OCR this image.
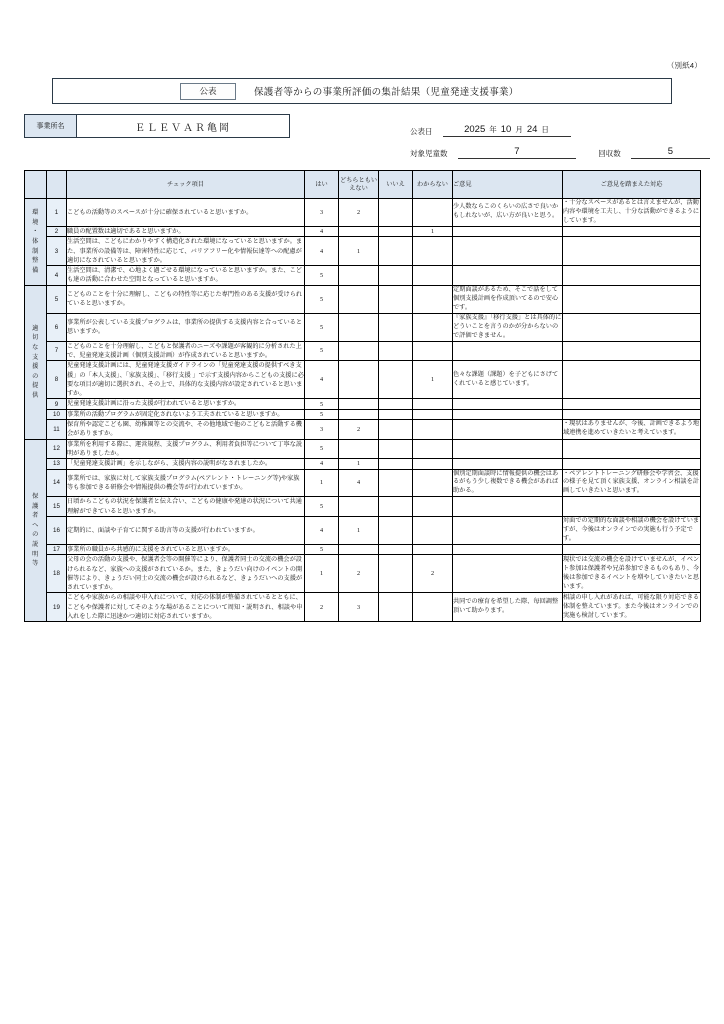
（別紙4）
公表	保護者等からの事業所評価の集計結果（児童発達支援事業）
事業所名	ＥＬＥＶＡＲ亀岡	公表日	2025 年 10 月 24 日
対象児童数	7	回収数	5
		チェック項目	はい	どちらともいえない	いいえ	わからない	ご意見	ご意見を踏まえた対応

環
境
・
体
制
整
備
	1	こどもの活動等のスペースが十分に確保されていると思いますか。	3	2			少人数ならこのくらいの広さで良いかもしれないが、広い方が良いと思う。	・十分なスペースがあるとは言えませんが、活動内容や環境を工夫し、十分な活動ができるようにしています。
	2	職員の配置数は適切であると思いますか。	4			1		
	3	生活空間は、こどもにわかりやすく構造化された環境になっていると思いますか。また、事業所の設備等は、障害特性に応じて、バリアフリー化や情報伝達等への配慮が適切になされていると思いますか。	4	1				
	4	生活空間は、清潔で、心地よく過ごせる環境になっていると思いますか。また、こども達の活動に合わせた空間となっていると思いますか。	5					

適
切
な
支
援
の
提
供
	5	こどものことを十分に理解し、こどもの特性等に応じた専門性のある支援が受けられていると思いますか。	5				定期面談があるため、そこで話をして個別支援計画を作成頂いてるので安心です。	
	6	事業所が公表している支援プログラムは、事業所の提供する支援内容と合っていると思いますか。	5				『家族支援』「移行支援」とは具体的にどういことを言うのかが分からないので評価できません。	
	7	こどものことを十分理解し、こどもと保護者のニーズや課題が客観的に分析された上で、児童発達支援計画（個別支援計画）が作成されていると思いますか。	5					
	8	児童発達支援計画には、児童発達支援ガイドラインの「児童発達支援の提供すべき支援」の「本人支援」、「家族支援」、「移行支援 」で示す支援内容からこどもの支援に必要な項目が適切に選択され、その上で、具体的な支援内容が設定されていると思いますか。	4			1	色々な課題（課題）を子どもにさげてくれていると感じています。	
	9	児童発達支援計画に沿った支援が行われていると思いますか。	5					
	10	事業所の活動プログラムが固定化されないよう工夫されていると思いますか。	5					
	11	保育所や認定こども園、幼稚園等との交流や、その他地域で他のこどもと活動する機会がありますか。	3	2				・現状はありませんが、今後、計画できるよう地域連携を進めていきたいと考えています。

保
護
者
へ
の
説
明
等
	12	事業所を利用する際に、運営規程、支援プログラム、利用者負担等について丁寧な説明がありましたか。	5					
	13	「児童発達支援計画」を示しながら、支援内容の説明がなされましたか。	4	1				
	14	事業所では、家族に対して家族支援プログラム(ペアレント・トレーニング等)や家族等も参加できる研修会や情報提供の機会等が行われていますか。	1	4			個別定期面談時に情報提供の機会はあるがもう少し複数できる機会があれば助かる。	・ペアレントトレーニング研修会や学習会、支援の様子を見て頂く家族支援、オンライン相談を計画していきたいと思います。
	15	日頃からこどもの状況を保護者と伝え合い、こどもの健康や発達の状況について共通理解ができていると思いますか。	5					
	16	定期的に、面談や子育てに関する助言等の支援が行われていますか。	4	1				対面での定期的な面談や相談の機会を設けていますが、今後はオンラインでの実施も行う予定です。
	17	事業所の職員から共感的に支援をされていると思いますか。	5					
	18	父母の会の活動の支援や、保護者会等の開催等により、保護者同士の交流の機会が設けられるなど、家族への支援がされているか。また、きょうだい向けのイベントの開催等により、きょうだい同士の交流の機会が設けられるなど、きょうだいへの支援がされていますか。	1	2		2		現状では交流の機会を設けていませんが、イベント参加は保護者や兄弟参加できるものもあり、今後は参加できるイベントを増やしていきたいと思います。
	19	こどもや家族からの相談や申入れについて、対応の体制が整備されているとともに、こどもや保護者に対してそのような場があることについて周知・説明され、相談や申入れをした際に迅速かつ適切に対応されていますか。	2	3			共同での療育を希望した際、毎回調整頂いて助かります。	相談の申し入れがあれば、可能な限り対応できる体制を整えています。また今後はオンラインでの実施も検討しています。
